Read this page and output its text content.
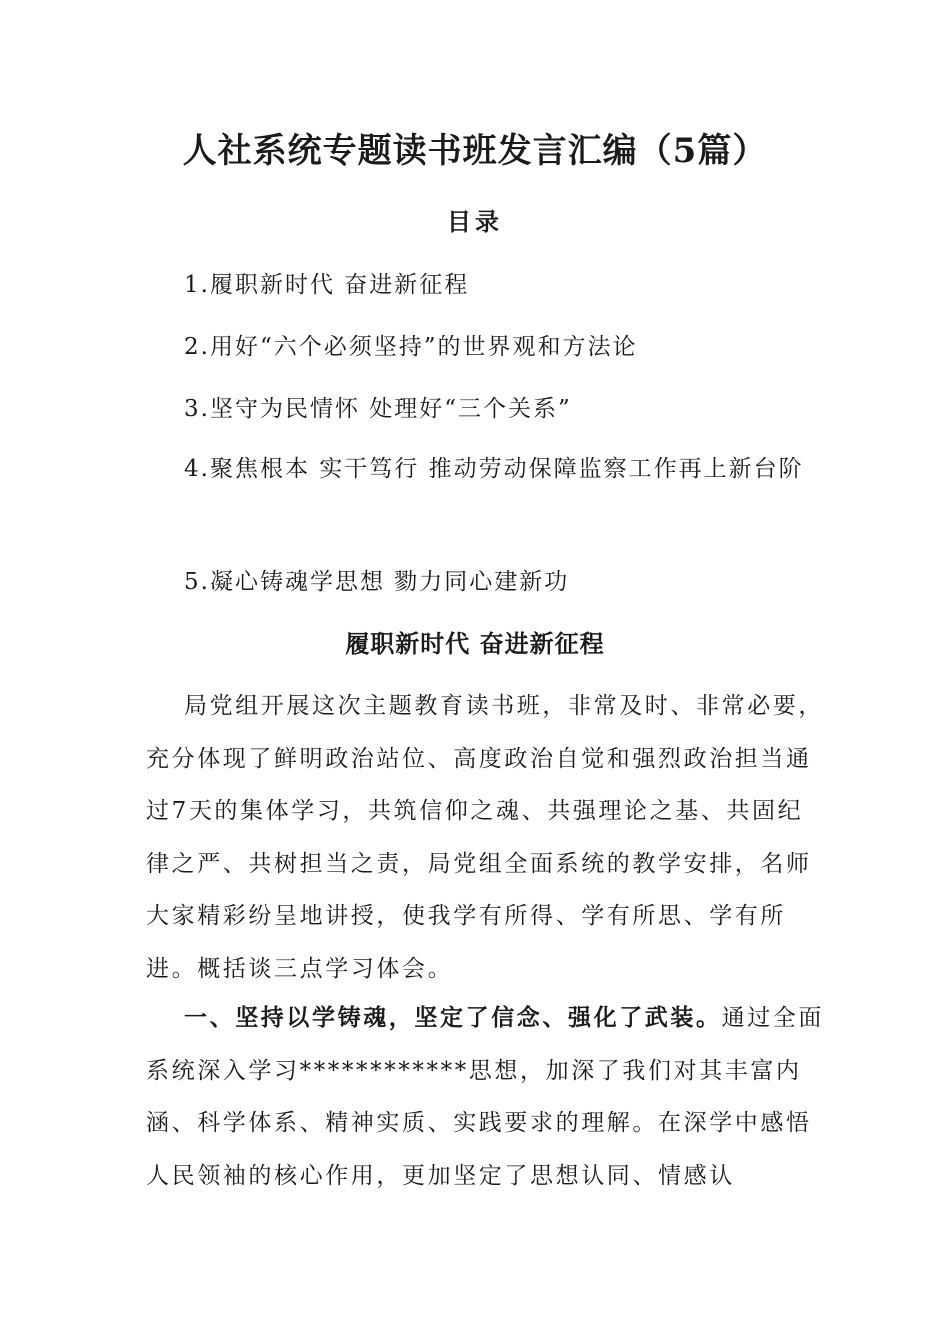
人社系统专题读书班发言汇编（5篇）
目录
1.履职新时代 奋进新征程
2.用好“六个必须坚持”的世界观和方法论
3.坚守为民情怀 处理好“三个关系”
4.聚焦根本 实干笃行 推动劳动保障监察工作再上新台阶
5.凝心铸魂学思想 勠力同心建新功
履职新时代 奋进新征程
局党组开展这次主题教育读书班，非常及时、非常必要，充分体现了鲜明政治站位、高度政治自觉和强烈政治担当通过7天的集体学习，共筑信仰之魂、共强理论之基、共固纪律之严、共树担当之责，局党组全面系统的教学安排，名师大家精彩纷呈地讲授，使我学有所得、学有所思、学有所进。概括谈三点学习体会。
一、坚持以学铸魂，坚定了信念、强化了武装。通过全面系统深入学习************思想，加深了我们对其丰富内涵、科学体系、精神实质、实践要求的理解。在深学中感悟人民领袖的核心作用，更加坚定了思想认同、情感认
